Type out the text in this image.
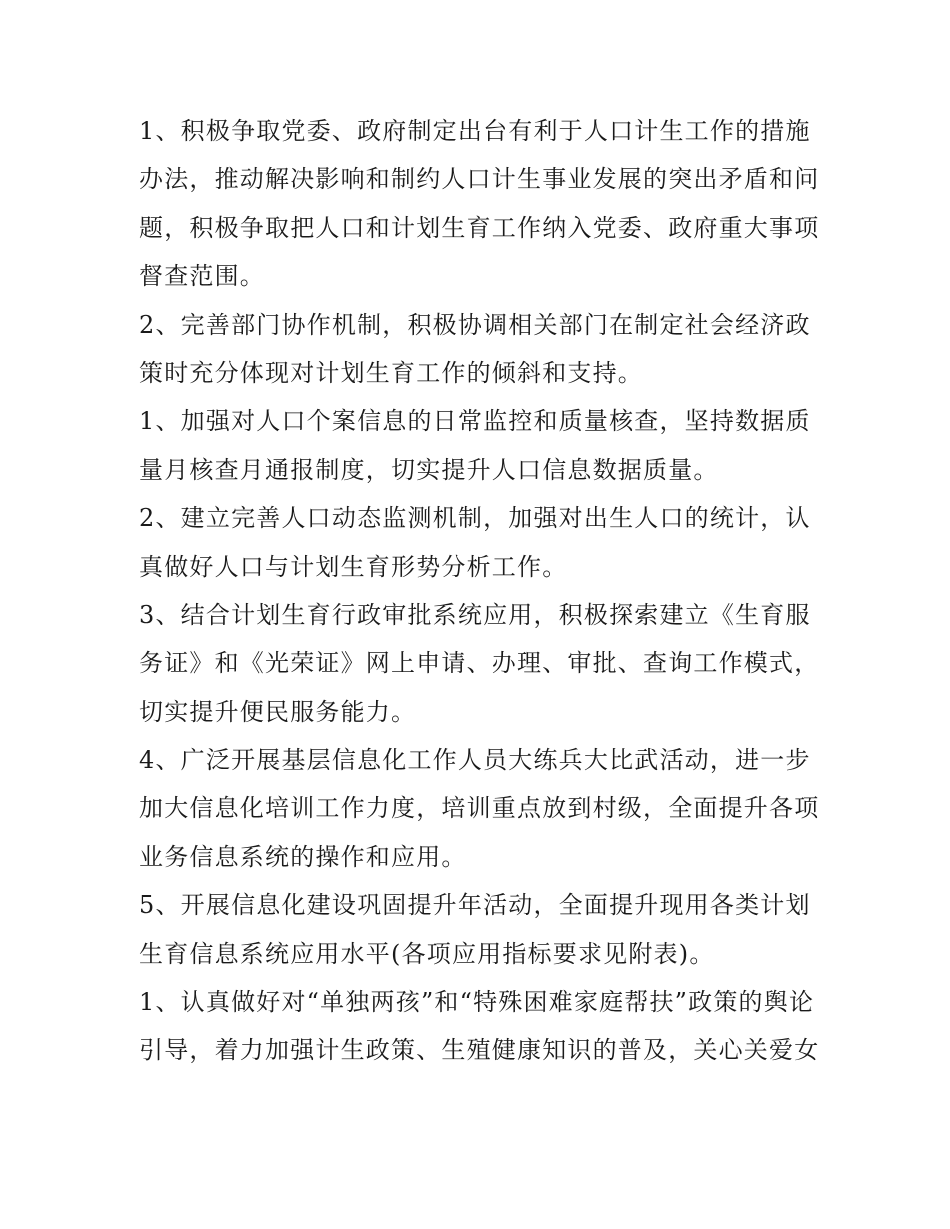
1、积极争取党委、政府制定出台有利于人口计生工作的措施
办法，推动解决影响和制约人口计生事业发展的突出矛盾和问
题，积极争取把人口和计划生育工作纳入党委、政府重大事项
督查范围。
2、完善部门协作机制，积极协调相关部门在制定社会经济政
策时充分体现对计划生育工作的倾斜和支持。
1、加强对人口个案信息的日常监控和质量核查，坚持数据质
量月核查月通报制度，切实提升人口信息数据质量。
2、建立完善人口动态监测机制，加强对出生人口的统计，认
真做好人口与计划生育形势分析工作。
3、结合计划生育行政审批系统应用，积极探索建立《生育服
务证》和《光荣证》网上申请、办理、审批、查询工作模式，
切实提升便民服务能力。
4、广泛开展基层信息化工作人员大练兵大比武活动，进一步
加大信息化培训工作力度，培训重点放到村级，全面提升各项
业务信息系统的操作和应用。
5、开展信息化建设巩固提升年活动，全面提升现用各类计划
生育信息系统应用水平(各项应用指标要求见附表)。
1、认真做好对“单独两孩”和“特殊困难家庭帮扶”政策的舆论
引导，着力加强计生政策、生殖健康知识的普及，关心关爱女
